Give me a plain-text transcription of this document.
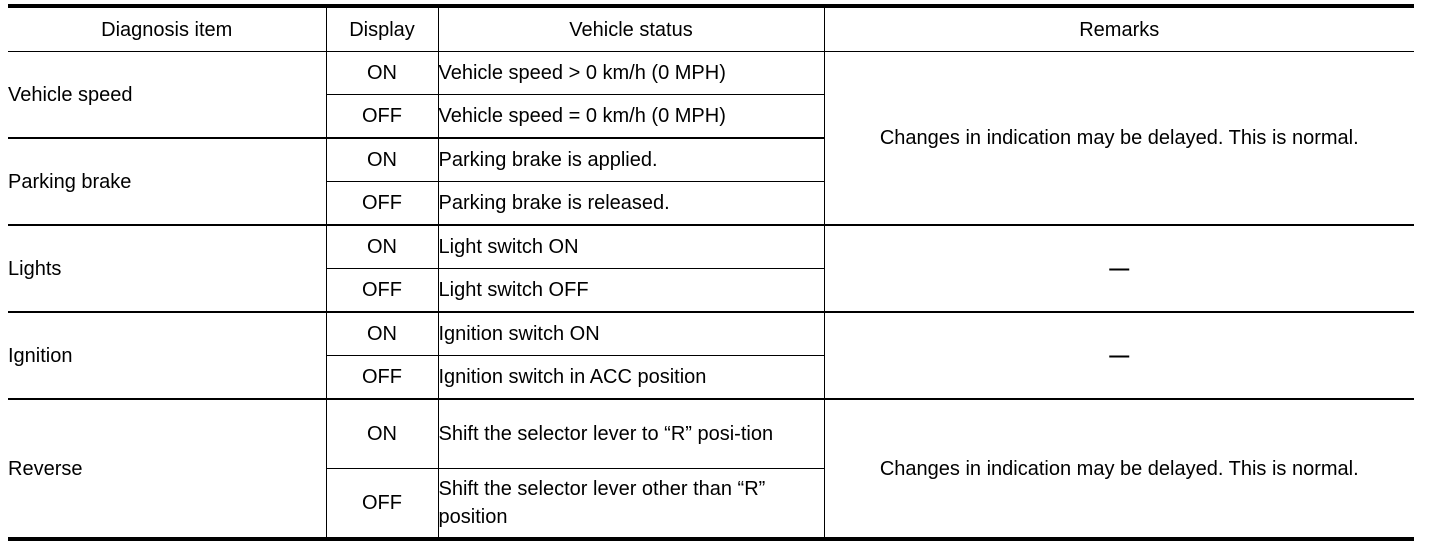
Diagnosis item	Display	Vehicle status	Remarks
Vehicle speed	ON	Vehicle speed > 0 km/h (0 MPH)	Changes in indication may be delayed. This is normal.
	OFF	Vehicle speed = 0 km/h (0 MPH)	
Parking brake	ON	Parking brake is applied.	
	OFF	Parking brake is released.	
Lights	ON	Light switch ON	—
	OFF	Light switch OFF	
Ignition	ON	Ignition switch ON	—
	OFF	Ignition switch in ACC position	
Reverse	ON	Shift the selector lever to “R” posi-tion	Changes in indication may be delayed. This is normal.
	OFF	Shift the selector lever other than “R” position	
